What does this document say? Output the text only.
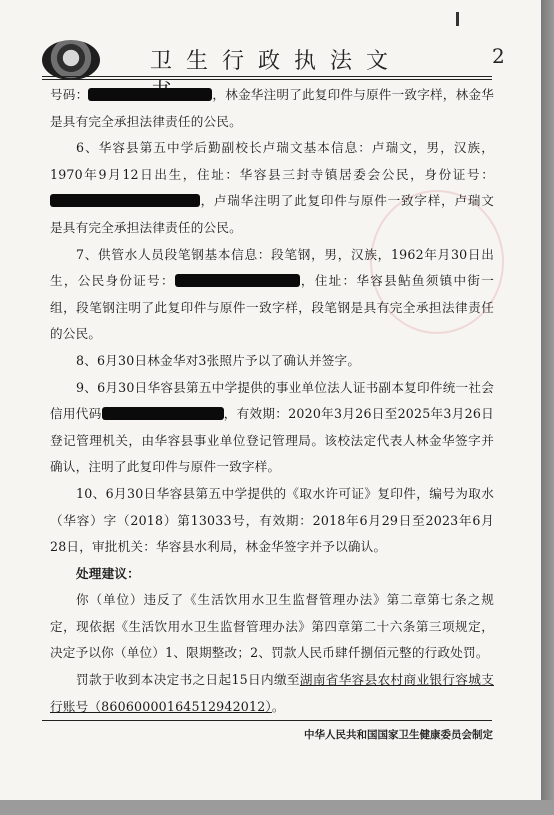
卫生行政执法文	2

号码：	，林金华注明了此复印件与原件一致字样，林金华是具有完全承担法律责任的公民。

6、华容县第五中学后勤副校长卢瑞文基本信息：卢瑞文，男，汉族，1970年9月12日出生，住址：华容县三封寺镇居委会公民，身份证号：，卢瑞华注明了此复印件与原件一致字样，卢瑞文是具有完全承担法律责任的公民。

7、供管水人员段笔钢基本信息：段笔钢，男，汉族，1962年月30日出生，公民身份证号：	，住址：华容县鲇鱼须镇中街一组，段笔钢注明了此复印件与原件一致字样，段笔钢是具有完全承担法律责任的公民。

8、6月30日林金华对3张照片予以了确认并签字。

9、6月30日华容县第五中学提供的事业单位法人证书副本复印件统一社会信用代码	，有效期：2020年3月26日至2025年3月26日登记管理机关，由华容县事业单位登记管理局。该校法定代表人林金华签字并确认，注明了此复印件与原件一致字样。

10、6月30日华容县第五中学提供的《取水许可证》复印件，编号为取水（华容）字（2018）第13033号，有效期：2018年6月29日至2023年6月28日，审批机关：华容县水利局，林金华签字并予以确认。

处理建议：

你（单位）违反了《生活饮用水卫生监督管理办法》第二章第七条之规定，现依据《生活饮用水卫生监督管理办法》第四章第二十六条第三项规定，决定予以你（单位）1、限期整改；2、罚款人民币肆仟捌佰元整的行政处罚。

罚款于收到本决定书之日起15日内缴至湖南省华容县农村商业银行容城支行账号（86060000164512942012）。

中华人民共和国国家卫生健康委员会制定
